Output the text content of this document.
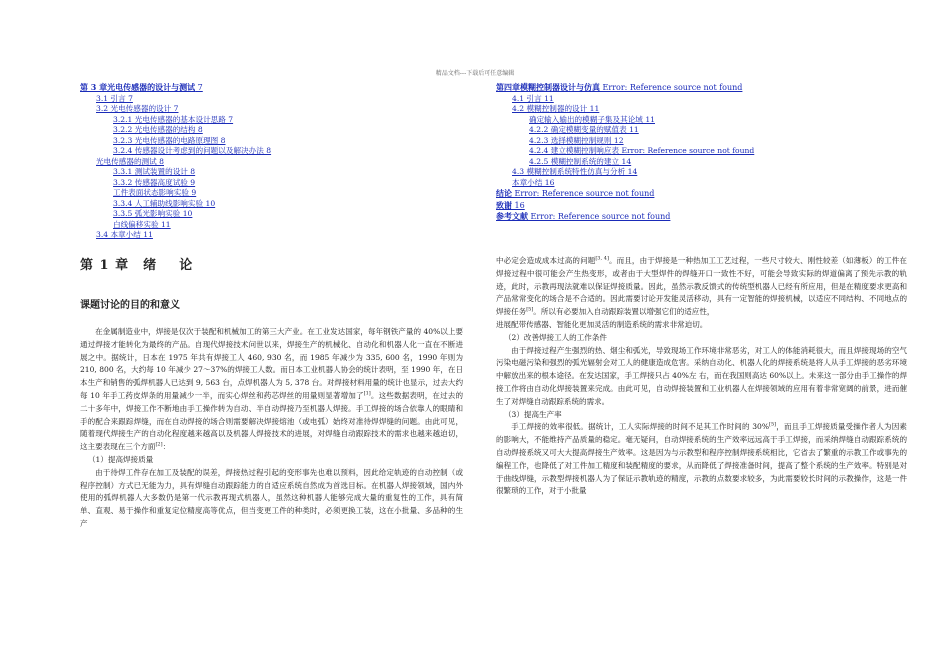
精品文档---下载后可任意编辑
第 3 章光电传感器的设计与测试 7
3.1 引言 7
3.2 光电传感器的设计 7
3.2.1 光电传感器的基本设计思路 7
3.2.2 光电传感器的结构 8
3.2.3 光电传感器的电路原理图 8
3.2.4 传感器设计考虑到的问题以及解决办法 8
光电传感器的测试 8
3.3.1 测试装置的设计 8
3.3.2 传感器高度试验 9
工件表面状态影响实验 9
3.3.4 人工辅助线影响实验 10
3.3.5 弧光影响实验 10
白线偏移实验 11
3.4 本章小结 11
第四章模糊控制器设计与仿真 Error: Reference source not found
4.1 引言 11
4.2 模糊控制器的设计 11
确定输入输出的模糊子集及其论域 11
4.2.2 确定模糊变量的赋值表 11
4.2.3 选择模糊控制规则 12
4.2.4 建立模糊控制响应表 Error: Reference source not found
4.2.5 模糊控制系统的建立 14
4.3 模糊控制系统特性仿真与分析 14
本章小结 16
结论 Error: Reference source not found
致谢 16
参考文献 Error: Reference source not found
第 1 章 绪    论
课题讨论的目的和意义

在金属制造业中，焊接是仅次于装配和机械加工的第三大产业。在工业发达国家，每年钢铁产量的 40%以上要通过焊接才能转化为最终的产品。自现代焊接技术问世以来，焊接生产的机械化、自动化和机器人化一直在不断进展之中。据统计，日本在 1975 年共有焊接工人 460, 930 名，而 1985 年减少为 335, 600 名，1990 年则为 210, 800 名，大约每 10 年减少 27～37%的焊接工人数。而日本工业机器人协会的统计表明，至 1990 年，在日本生产和销售的弧焊机器人已达到 9, 563 台，点焊机器人为 5, 378 台。对焊接材料用量的统计也显示，过去大约每 10 年手工药皮焊条的用量减少一半，而实心焊丝和药芯焊丝的用量则显著增加了[1]。这些数据表明，在过去的二十多年中，焊接工作不断地由手工操作转为自动、半自动焊接乃至机器人焊接。手工焊接的场合依靠人的眼睛和手的配合来跟踪焊缝，而在自动焊接的场合则需要解决焊接熔池（或电弧）始终对准待焊焊缝的问题。由此可见，随着现代焊接生产的自动化程度越来越高以及机器人焊接技术的进展，对焊缝自动跟踪技术的需求也越来越迫切，这主要表现在三个方面[2]：

（1）提高焊接质量

由于待焊工件存在加工及装配的误差，焊接热过程引起的变形事先也难以预料，因此给定轨迹的自动控制（或程序控制）方式已无能为力，具有焊缝自动跟踪能力的自适应系统自然成为首选目标。在机器人焊接领域，国内外使用的弧焊机器人大多数仍是第一代示教再现式机器人，虽然这种机器人能够完成大量的重复性的工作，具有简单、直观、易于操作和重复定位精度高等优点，但当变更工件的种类时，必须更换工装，这在小批量、多品种的生产

中必定会造成成本过高的问题[3, 4]。而且，由于焊接是一种热加工工艺过程，一些尺寸较大、刚性较差（如薄板）的工件在焊接过程中很可能会产生热变形，或者由于大型焊件的焊缝开口一致性不好，可能会导致实际的焊道偏离了预先示教的轨迹，此时，示教再现法就难以保证焊接质量。因此，虽然示教反馈式的传统型机器人已经有所应用，但是在精度要求更高和产品常常变化的场合是不合适的。因此需要讨论开发能灵活移动，具有一定智能的焊接机械，以适应不同结构、不同地点的焊接任务[5]。所以有必要加入自动跟踪装置以增强它们的适应性，

进展配带传感器、智能化更加灵活的制造系统的需求非常迫切。

（2）改善焊接工人的工作条件

由于焊接过程产生强烈的热、烟尘和弧光，导致现场工作环境非常恶劣，对工人的体能消耗很大，而且焊接现场的空气污染电磁污染和强烈的弧光辐射会对工人的健康造成危害。采纳自动化、机器人化的焊接系统是将人从手工焊接的恶劣环境中解放出来的根本途径。在发达国家，手工焊接只占 40%左 右，而在我国则高达 60%以上。未来这一部分由手工操作的焊接工作将由自动化焊接装置来完成。由此可见，自动焊接装置和工业机器人在焊接领域的应用有着非常宽阔的前景，进而催生了对焊缝自动跟踪系统的需求。

（3）提高生产率

手工焊接的效率很低。据统计，工人实际焊接的时间不足其工作时间的 30%[5]，而且手工焊接质量受操作者人为因素的影响大，不能维持产品质量的稳定。毫无疑问，自动焊接系统的生产效率远远高于手工焊接，而采纳焊缝自动跟踪系统的自动焊接系统又可大大提高焊接生产效率。这是因为与示教型和程序控制焊接系统相比，它省去了繁重的示教工作或事先的编程工作，也降低了对工件加工精度和装配精度的要求，从而降低了焊接准备时间，提高了整个系统的生产效率。特别是对于曲线焊缝，示教型焊接机器人为了保证示教轨迹的精度，示教的点数要求较多，为此需要较长时间的示教操作，这是一件很繁琐的工作，对于小批量
